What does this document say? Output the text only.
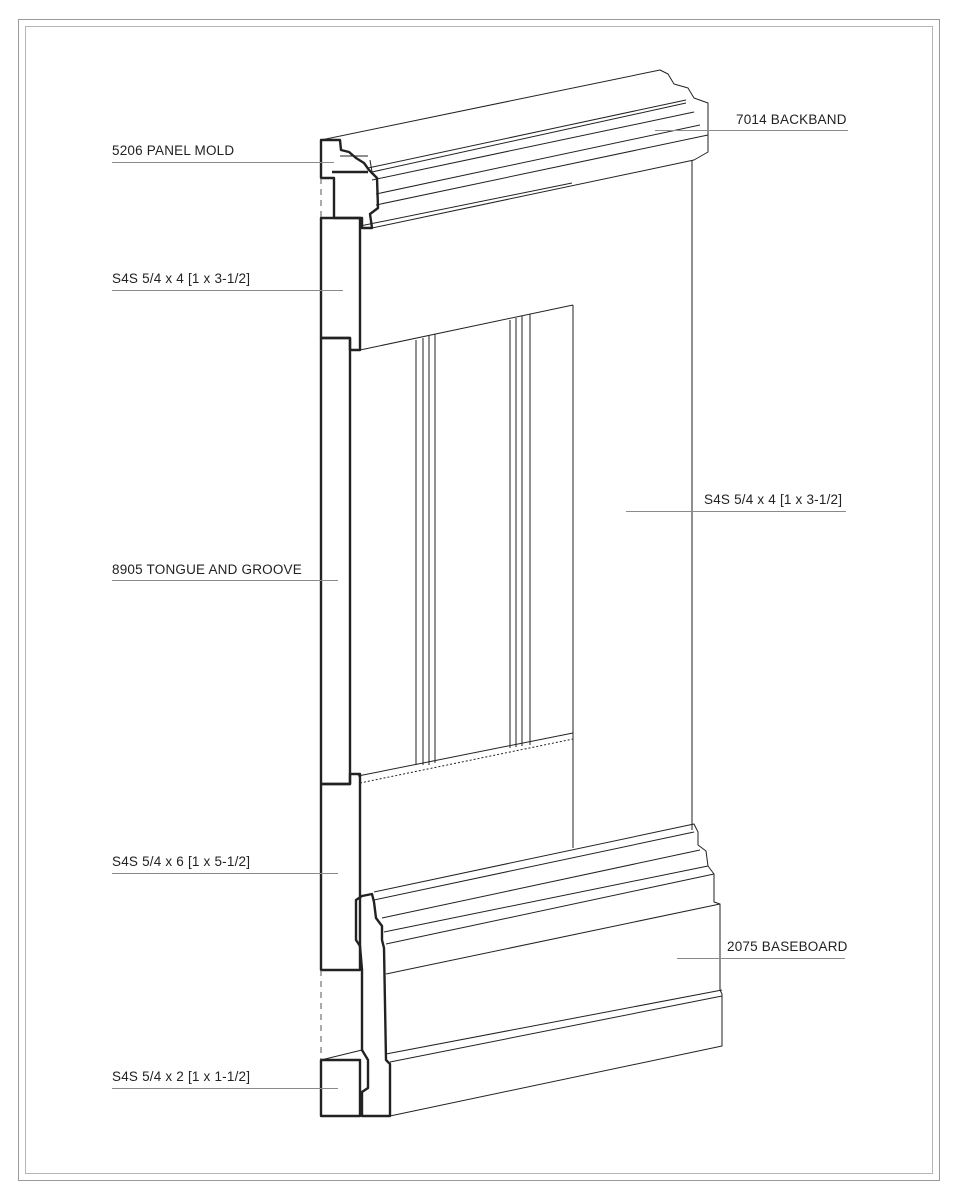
5206 PANEL MOLD
S4S 5/4 x 4 [1 x 3-1/2]
8905 TONGUE AND GROOVE
S4S 5/4 x 6 [1 x 5-1/2]
S4S 5/4 x 2 [1 x 1-1/2]
7014 BACKBAND
S4S 5/4 x 4 [1 x 3-1/2]
2075 BASEBOARD
